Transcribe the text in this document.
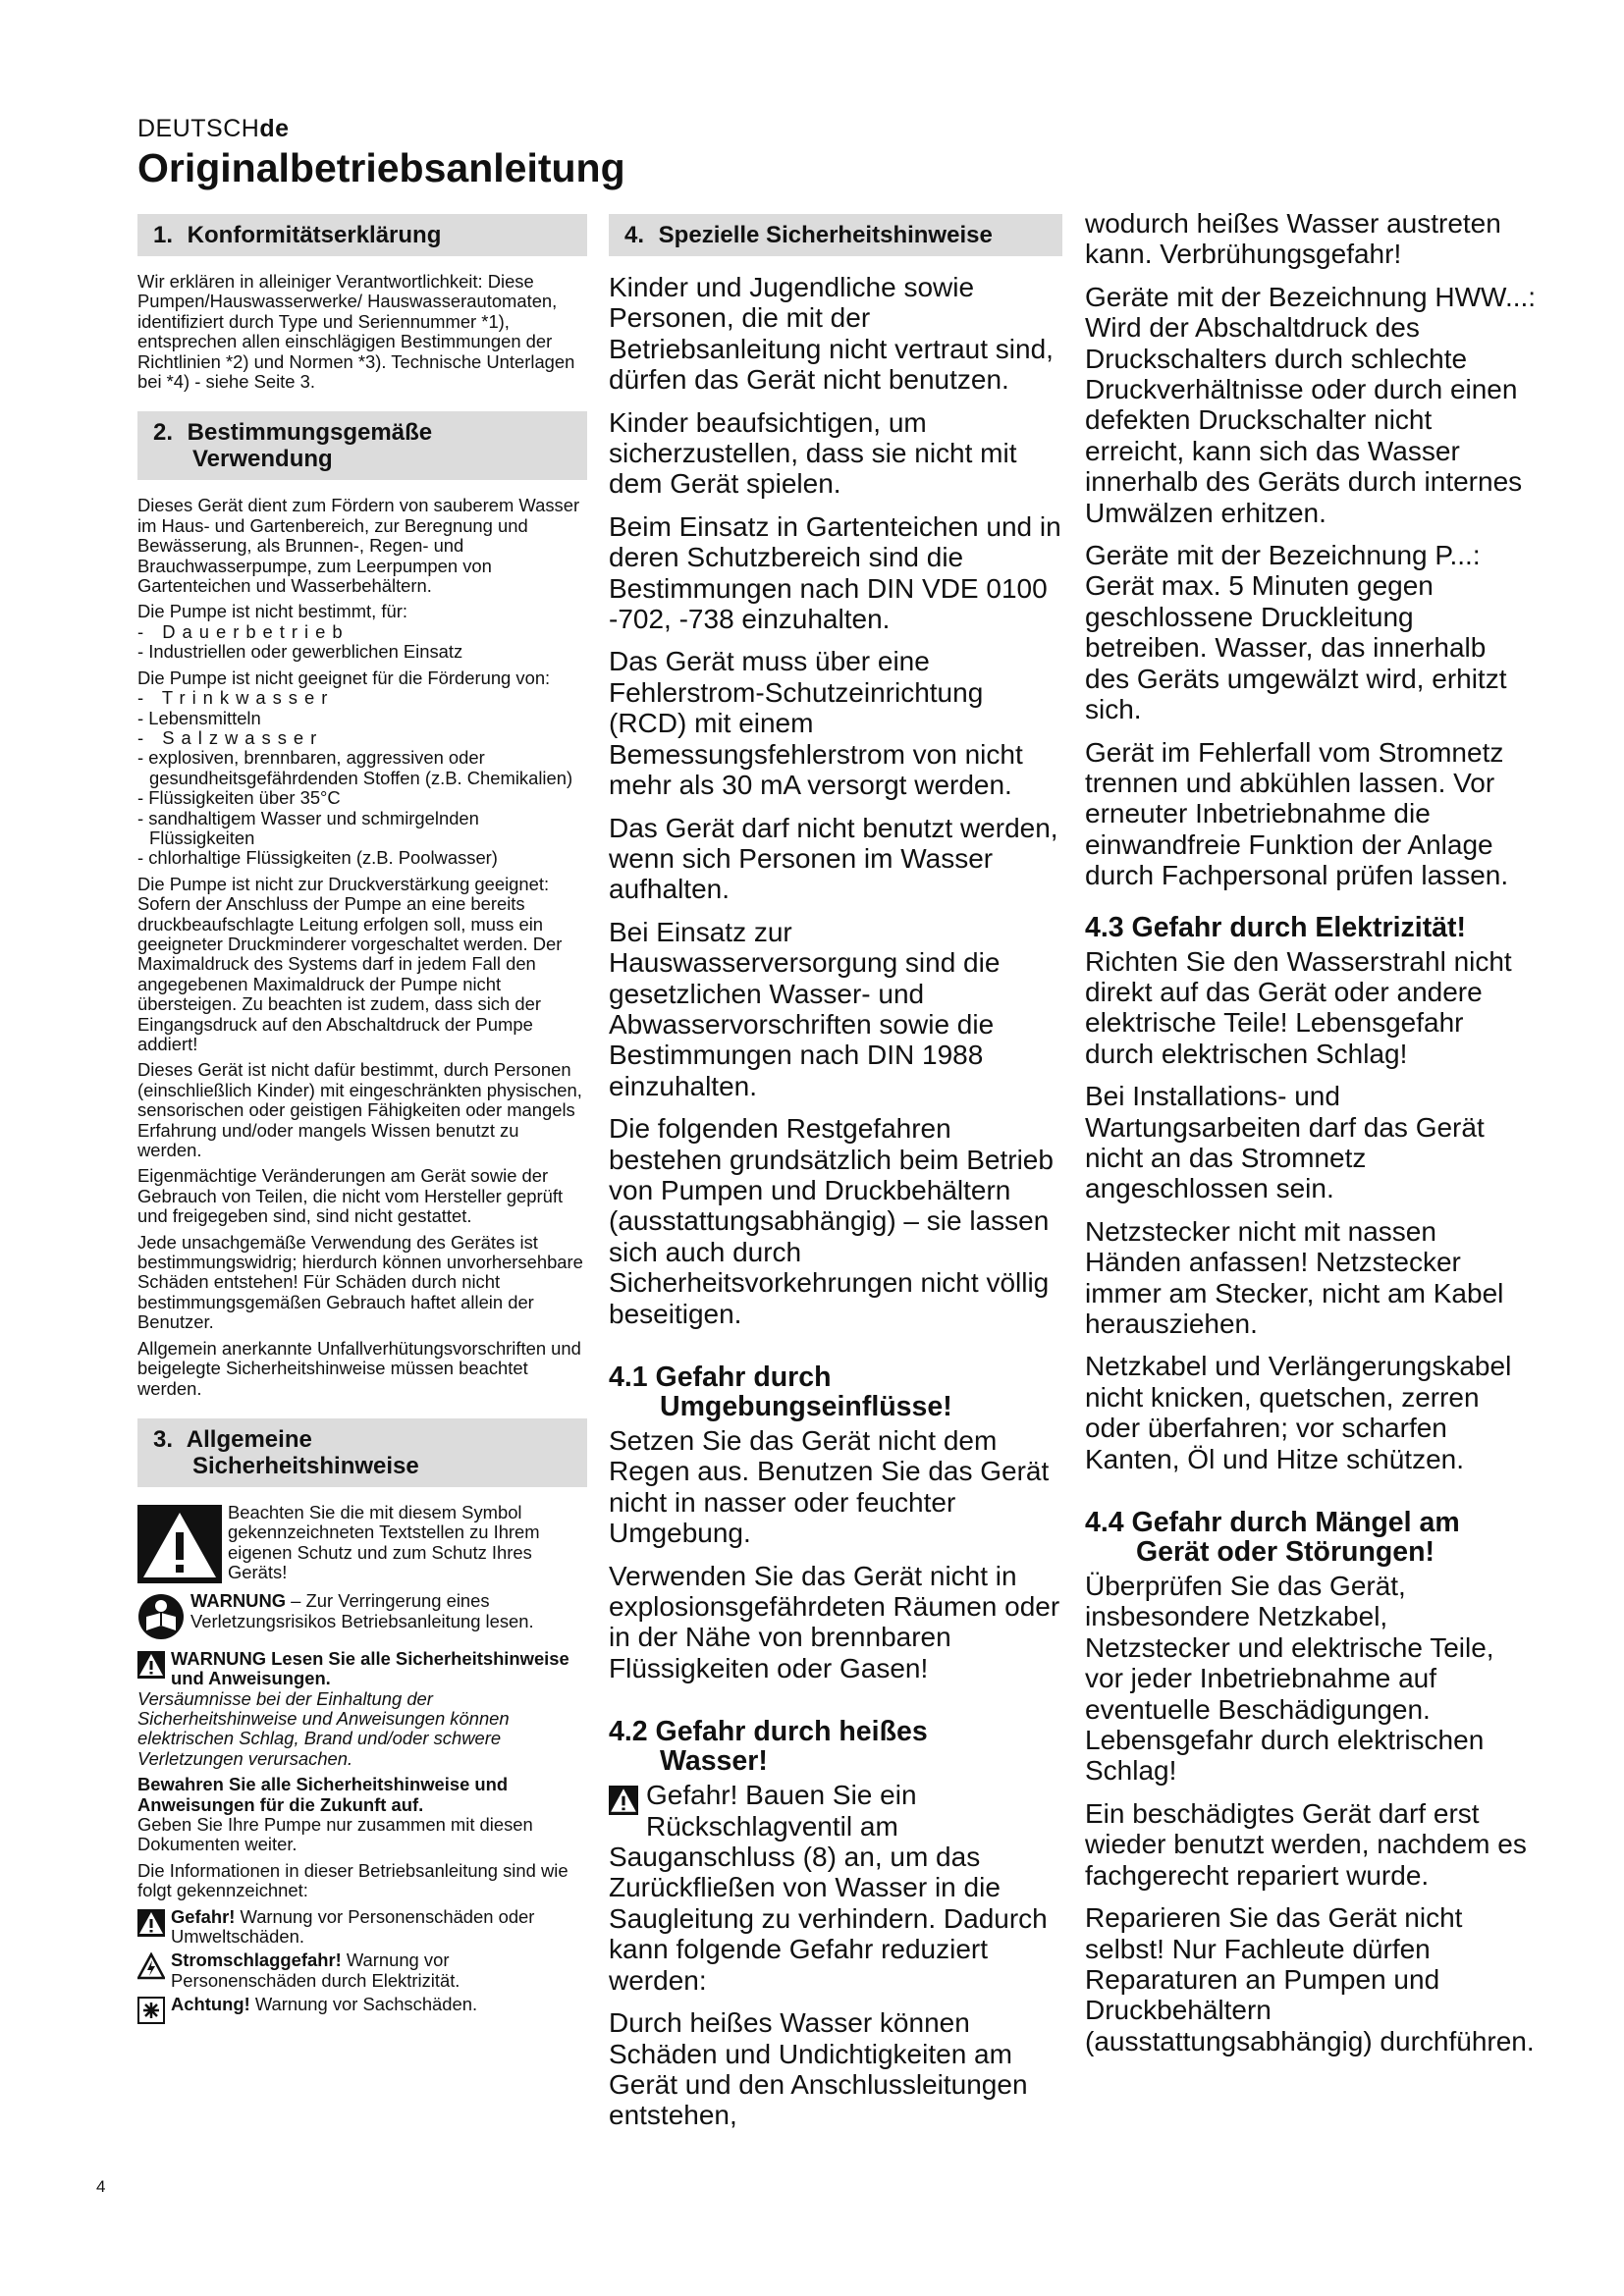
DEUTSCHde
Originalbetriebsanleitung
1. Konformitätserklärung

Wir erklären in alleiniger Verantwortlichkeit: Diese Pumpen/Hauswasserwerke/ Hauswasserautomaten, identifiziert durch Type und Seriennummer *1), entsprechen allen einschlägigen Bestimmungen der Richtlinien *2) und Normen *3). Technische Unterlagen bei *4) - siehe Seite 3.

2. Bestimmungsgemäße
Verwendung

Dieses Gerät dient zum Fördern von sauberem Wasser im Haus- und Gartenbereich, zur Beregnung und Bewässerung, als Brunnen-, Regen- und Brauchwasserpumpe, zum Leerpumpen von Gartenteichen und Wasserbehältern.

Die Pumpe ist nicht bestimmt, für:

- Dauerbetrieb
- Industriellen oder gewerblichen Einsatz

Die Pumpe ist nicht geeignet für die Förderung von:

- Trinkwasser
- Lebensmitteln
- Salzwasser
- explosiven, brennbaren, aggressiven oder gesundheitsgefährdenden Stoffen (z.B. Chemikalien)
- Flüssigkeiten über 35°C
- sandhaltigem Wasser und schmirgelnden Flüssigkeiten
- chlorhaltige Flüssigkeiten (z.B. Poolwasser)

Die Pumpe ist nicht zur Druckverstärkung geeignet: Sofern der Anschluss der Pumpe an eine bereits druckbeaufschlagte Leitung erfolgen soll, muss ein geeigneter Druckminderer vorgeschaltet werden. Der Maximaldruck des Systems darf in jedem Fall den angegebenen Maximaldruck der Pumpe nicht übersteigen. Zu beachten ist zudem, dass sich der Eingangsdruck auf den Abschaltdruck der Pumpe addiert!

Dieses Gerät ist nicht dafür bestimmt, durch Personen (einschließlich Kinder) mit eingeschränkten physischen, sensorischen oder geistigen Fähigkeiten oder mangels Erfahrung und/oder mangels Wissen benutzt zu werden.

Eigenmächtige Veränderungen am Gerät sowie der Gebrauch von Teilen, die nicht vom Hersteller geprüft und freigegeben sind, sind nicht gestattet.

Jede unsachgemäße Verwendung des Gerätes ist bestimmungswidrig; hierdurch können unvorhersehbare Schäden entstehen! Für Schäden durch nicht bestimmungsgemäßen Gebrauch haftet allein der Benutzer.

Allgemein anerkannte Unfallverhütungsvorschriften und beigelegte Sicherheitshinweise müssen beachtet werden.

3. Allgemeine
Sicherheitshinweise
Beachten Sie die mit diesem Symbol gekennzeichneten Textstellen zu Ihrem eigenen Schutz und zum Schutz Ihres Geräts!
WARNUNG – Zur Verringerung eines Verletzungsrisikos Betriebsanleitung lesen.
WARNUNG Lesen Sie alle Sicherheitshinweise und Anweisungen.

Versäumnisse bei der Einhaltung der Sicherheitshinweise und Anweisungen können elektrischen Schlag, Brand und/oder schwere Verletzungen verursachen.

Bewahren Sie alle Sicherheitshinweise und Anweisungen für die Zukunft auf.
Geben Sie Ihre Pumpe nur zusammen mit diesen Dokumenten weiter.

Die Informationen in dieser Betriebsanleitung sind wie folgt gekennzeichnet:

Gefahr! Warnung vor Personenschäden oder Umweltschäden.
Stromschlaggefahr! Warnung vor Personenschäden durch Elektrizität.
Achtung! Warnung vor Sachschäden.
4. Spezielle Sicherheitshinweise

Kinder und Jugendliche sowie Personen, die mit der Betriebsanleitung nicht vertraut sind, dürfen das Gerät nicht benutzen.

Kinder beaufsichtigen, um sicherzustellen, dass sie nicht mit dem Gerät spielen.

Beim Einsatz in Gartenteichen und in deren Schutzbereich sind die Bestimmungen nach DIN VDE 0100 -702, -738 einzuhalten.

Das Gerät muss über eine Fehlerstrom-Schutzeinrichtung (RCD) mit einem Bemessungsfehlerstrom von nicht mehr als 30 mA versorgt werden.

Das Gerät darf nicht benutzt werden, wenn sich Personen im Wasser aufhalten.

Bei Einsatz zur Hauswasserversorgung sind die gesetzlichen Wasser- und Abwasservorschriften sowie die Bestimmungen nach DIN 1988 einzuhalten.

Die folgenden Restgefahren bestehen grundsätzlich beim Betrieb von Pumpen und Druckbehältern (ausstattungsabhängig) – sie lassen sich auch durch Sicherheitsvorkehrungen nicht völlig beseitigen.

4.1 Gefahr durch
Umgebungseinflüsse!

Setzen Sie das Gerät nicht dem Regen aus. Benutzen Sie das Gerät nicht in nasser oder feuchter Umgebung.

Verwenden Sie das Gerät nicht in explosionsgefährdeten Räumen oder in der Nähe von brennbaren Flüssigkeiten oder Gasen!

4.2 Gefahr durch heißes
Wasser!
Gefahr! Bauen Sie ein
Rückschlagventil am
Sauganschluss (8) an, um das Zurückfließen von Wasser in die Saugleitung zu verhindern. Dadurch kann folgende Gefahr reduziert werden:

Durch heißes Wasser können Schäden und Undichtigkeiten am Gerät und den Anschlussleitungen entstehen,

wodurch heißes Wasser austreten kann. Verbrühungsgefahr!

Geräte mit der Bezeichnung HWW...: Wird der Abschaltdruck des Druckschalters durch schlechte Druckverhältnisse oder durch einen defekten Druckschalter nicht erreicht, kann sich das Wasser innerhalb des Geräts durch internes Umwälzen erhitzen.

Geräte mit der Bezeichnung P...: Gerät max. 5 Minuten gegen geschlossene Druckleitung betreiben. Wasser, das innerhalb des Geräts umgewälzt wird, erhitzt sich.

Gerät im Fehlerfall vom Stromnetz trennen und abkühlen lassen. Vor erneuter Inbetriebnahme die einwandfreie Funktion der Anlage durch Fachpersonal prüfen lassen.

4.3 Gefahr durch Elektrizität!

Richten Sie den Wasserstrahl nicht direkt auf das Gerät oder andere elektrische Teile! Lebensgefahr durch elektrischen Schlag!

Bei Installations- und Wartungsarbeiten darf das Gerät nicht an das Stromnetz angeschlossen sein.

Netzstecker nicht mit nassen Händen anfassen! Netzstecker immer am Stecker, nicht am Kabel herausziehen.

Netzkabel und Verlängerungskabel nicht knicken, quetschen, zerren oder überfahren; vor scharfen Kanten, Öl und Hitze schützen.

4.4 Gefahr durch Mängel am
Gerät oder Störungen!

Überprüfen Sie das Gerät, insbesondere Netzkabel, Netzstecker und elektrische Teile, vor jeder Inbetriebnahme auf eventuelle Beschädigungen. Lebensgefahr durch elektrischen Schlag!

Ein beschädigtes Gerät darf erst wieder benutzt werden, nachdem es fachgerecht repariert wurde.

Reparieren Sie das Gerät nicht selbst! Nur Fachleute dürfen Reparaturen an Pumpen und Druckbehältern (ausstattungsabhängig) durchführen.

4
